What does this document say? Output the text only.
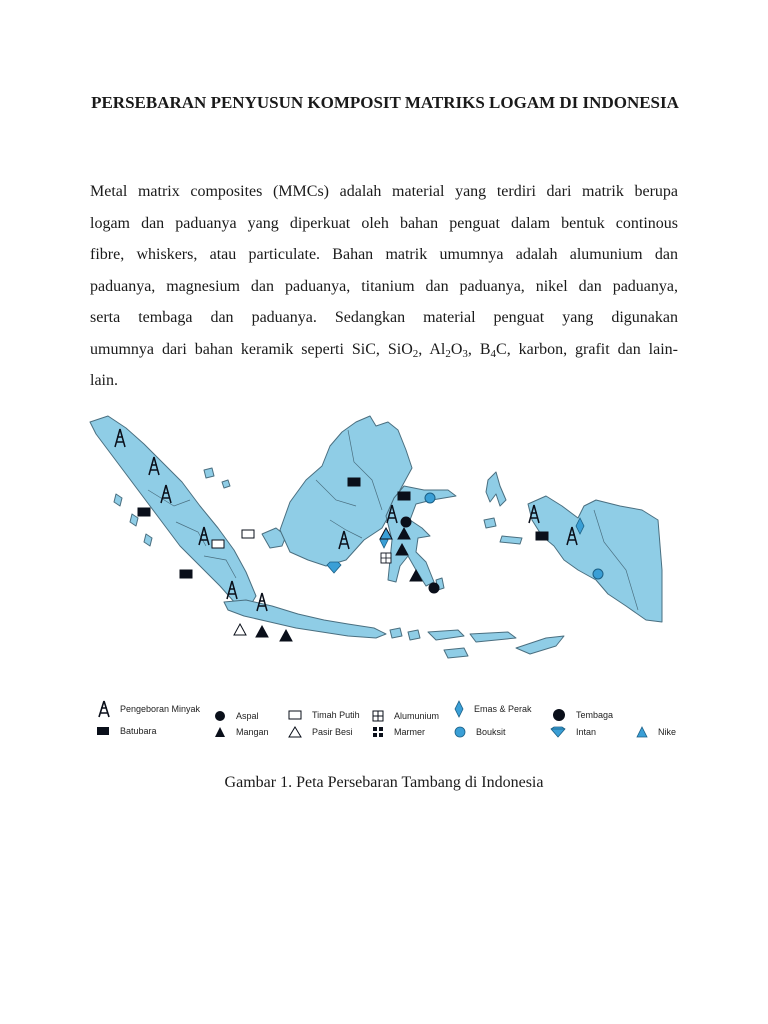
PERSEBARAN PENYUSUN KOMPOSIT MATRIKS LOGAM DI INDONESIA
Metal matrix composites (MMCs) adalah material yang terdiri dari matrik berupa
logam dan paduanya yang diperkuat oleh bahan penguat dalam bentuk continous
fibre, whiskers, atau particulate. Bahan matrik umumnya adalah alumunium dan
paduanya, magnesium dan paduanya, titanium dan paduanya, nikel dan paduanya,
serta tembaga dan paduanya. Sedangkan material penguat yang digunakan
umumnya dari bahan keramik seperti SiC, SiO$_2$, $Al_2O_3$, $B_4C$, karbon, grafit dan lain-
lain.
Pengeboran Minyak
Batubara
Aspal
Mangan
Timah Putih
Pasir Besi
Alumunium
Marmer
Emas & Perak
Bouksit
Tembaga
Intan	Nike
Gambar 1. Peta Persebaran Tambang di Indonesia
